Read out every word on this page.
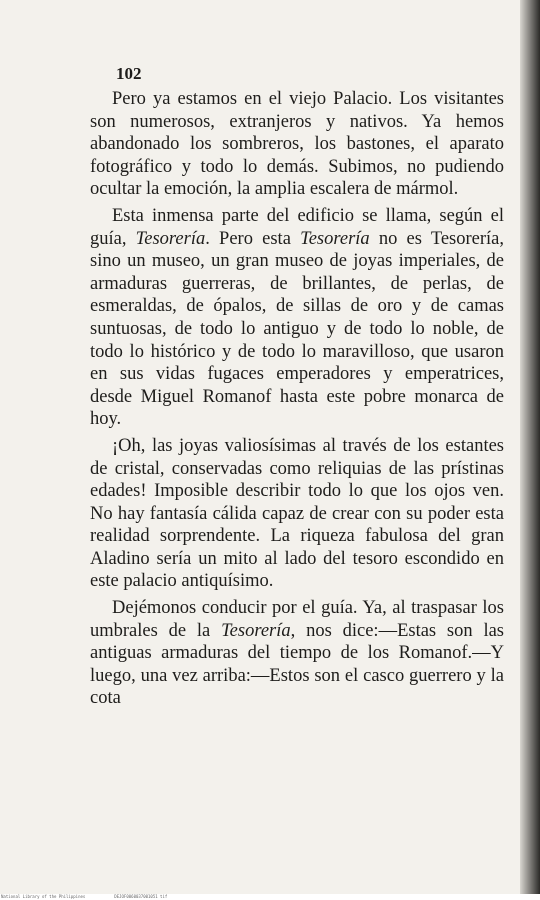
102

Pero ya estamos en el viejo Palacio. Los visitantes son numerosos, extranjeros y nativos. Ya hemos abandonado los sombreros, los bastones, el aparato fotográfico y todo lo demás. Subimos, no pudiendo ocultar la emoción, la amplia escalera de mármol.

Esta inmensa parte del edificio se llama, según el guía, Tesorería. Pero esta Tesorería no es Tesorería, sino un museo, un gran museo de joyas imperiales, de armaduras guerreras, de brillantes, de perlas, de esmeraldas, de ópalos, de sillas de oro y de camas suntuosas, de todo lo antiguo y de todo lo noble, de todo lo histórico y de todo lo maravilloso, que usaron en sus vidas fugaces emperadores y emperatrices, desde Miguel Romanof hasta este pobre monarca de hoy.

¡Oh, las joyas valiosísimas al través de los estantes de cristal, conservadas como reliquias de las prístinas edades! Imposible describir todo lo que los ojos ven. No hay fantasía cálida capaz de crear con su poder esta realidad sorprendente. La riqueza fabulosa del gran Aladino sería un mito al lado del tesoro escondido en este palacio antiquísimo.

Dejémonos conducir por el guía. Ya, al traspasar los umbrales de la Tesorería, nos dice:—Estas son las antiguas armaduras del tiempo de los Romanof.—Y luego, una vez arriba:—Estos son el casco guerrero y la cota

National Library of the Philippines	DEJOF0060037001051 tif
